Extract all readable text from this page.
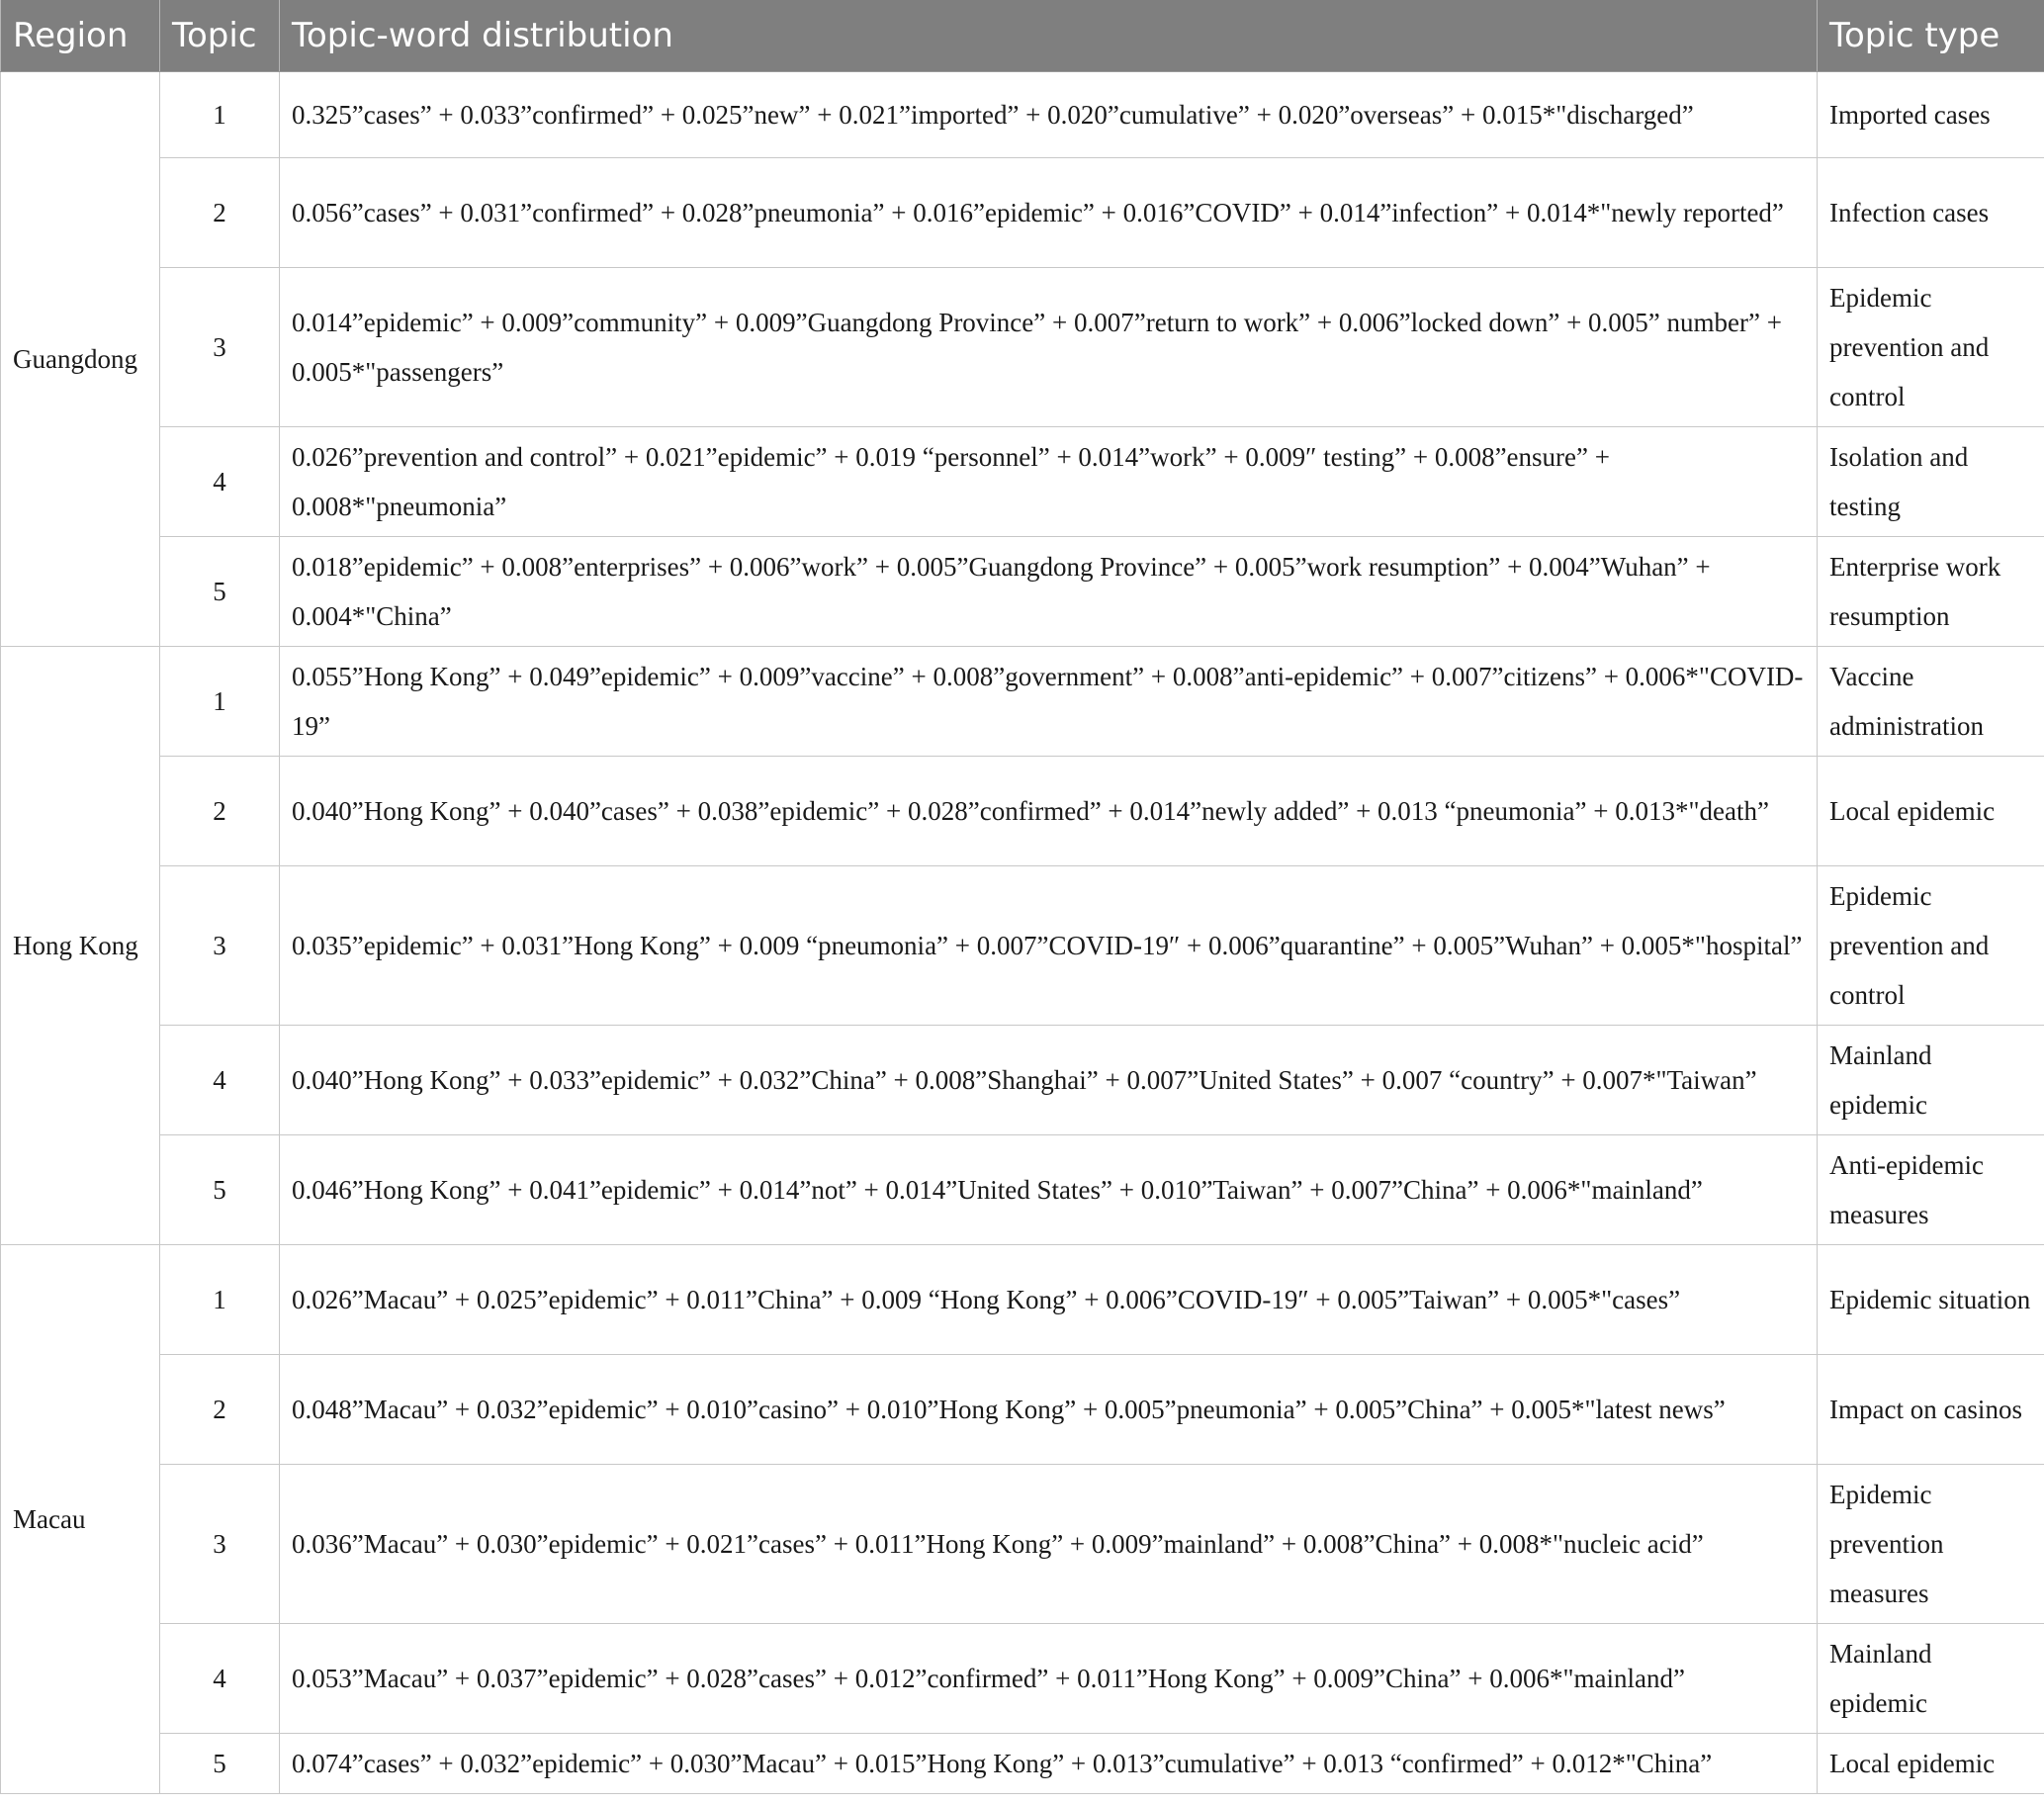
Region	Topic	Topic-word distribution	Topic type
Guangdong	1	0.325”cases” + 0.033”confirmed” + 0.025”new” + 0.021”imported” + 0.020”cumulative” + 0.020”overseas” + 0.015*"discharged”	Imported cases
	2	0.056”cases” + 0.031”confirmed” + 0.028”pneumonia” + 0.016”epidemic” + 0.016”COVID” + 0.014”infection” + 0.014*"newly reported”	Infection cases
	3	0.014”epidemic” + 0.009”community” + 0.009”Guangdong Province” + 0.007”return to work” + 0.006”locked down” + 0.005” number” + 0.005*"passengers”	Epidemic prevention and control
	4	0.026”prevention and control” + 0.021”epidemic” + 0.019 “personnel” + 0.014”work” + 0.009″ testing” + 0.008”ensure” + 0.008*"pneumonia”	Isolation and testing
	5	0.018”epidemic” + 0.008”enterprises” + 0.006”work” + 0.005”Guangdong Province” + 0.005”work resumption” + 0.004”Wuhan” + 0.004*"China”	Enterprise work resumption
Hong Kong	1	0.055”Hong Kong” + 0.049”epidemic” + 0.009”vaccine” + 0.008”government” + 0.008”anti-epidemic” + 0.007”citizens” + 0.006*"COVID-19”	Vaccine administration
	2	0.040”Hong Kong” + 0.040”cases” + 0.038”epidemic” + 0.028”confirmed” + 0.014”newly added” + 0.013 “pneumonia” + 0.013*"death”	Local epidemic
	3	0.035”epidemic” + 0.031”Hong Kong” + 0.009 “pneumonia” + 0.007”COVID-19″ + 0.006”quarantine” + 0.005”Wuhan” + 0.005*"hospital”	Epidemic prevention and control
	4	0.040”Hong Kong” + 0.033”epidemic” + 0.032”China” + 0.008”Shanghai” + 0.007”United States” + 0.007 “country” + 0.007*"Taiwan”	Mainland epidemic
	5	0.046”Hong Kong” + 0.041”epidemic” + 0.014”not” + 0.014”United States” + 0.010”Taiwan” + 0.007”China” + 0.006*"mainland”	Anti-epidemic measures
Macau	1	0.026”Macau” + 0.025”epidemic” + 0.011”China” + 0.009 “Hong Kong” + 0.006”COVID-19″ + 0.005”Taiwan” + 0.005*"cases”	Epidemic situation
	2	0.048”Macau” + 0.032”epidemic” + 0.010”casino” + 0.010”Hong Kong” + 0.005”pneumonia” + 0.005”China” + 0.005*"latest news”	Impact on casinos
	3	0.036”Macau” + 0.030”epidemic” + 0.021”cases” + 0.011”Hong Kong” + 0.009”mainland” + 0.008”China” + 0.008*"nucleic acid”	Epidemic prevention measures
	4	0.053”Macau” + 0.037”epidemic” + 0.028”cases” + 0.012”confirmed” + 0.011”Hong Kong” + 0.009”China” + 0.006*"mainland”	Mainland epidemic
	5	0.074”cases” + 0.032”epidemic” + 0.030”Macau” + 0.015”Hong Kong” + 0.013”cumulative” + 0.013 “confirmed” + 0.012*"China”	Local epidemic
